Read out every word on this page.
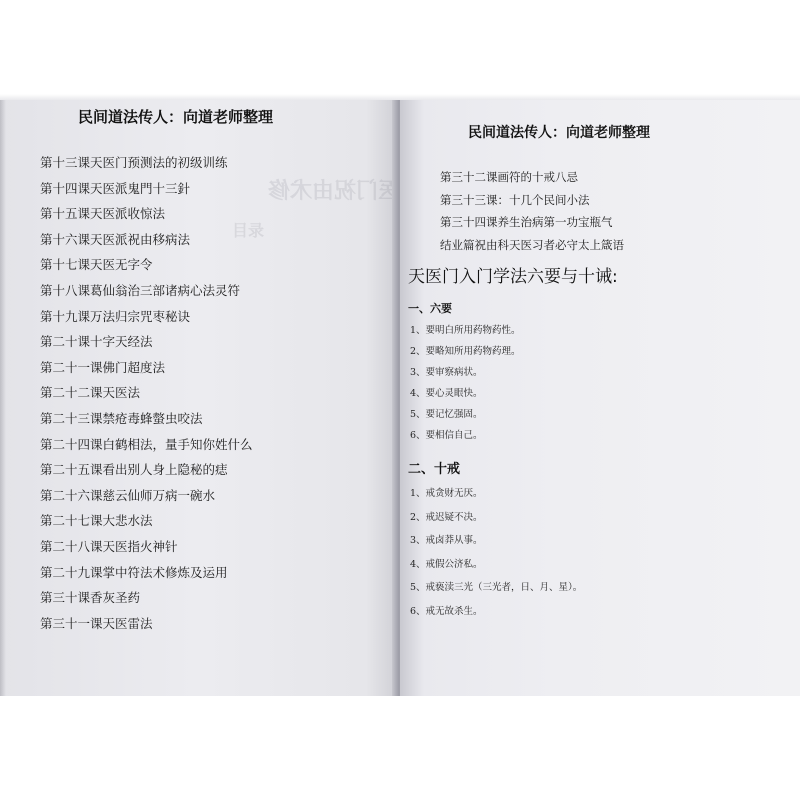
天医门祝由术修
目录
民间道法传人：向道老师整理
第十三课天医门预测法的初级训练
第十四课天医派鬼門十三針
第十五课天医派收惊法
第十六课天医派祝由移病法
第十七课天医无字令
第十八课葛仙翁治三部诸病心法灵符
第十九课万法归宗咒枣秘诀
第二十课十字天经法
第二十一课佛门超度法
第二十二课天医法
第二十三课禁疮毒蜂螫虫咬法
第二十四课白鹤相法，量手知你姓什么
第二十五课看出别人身上隐秘的痣
第二十六课慈云仙师万病一碗水
第二十七课大悲水法
第二十八课天医指火神针
第二十九课掌中符法术修炼及运用
第三十课香灰圣药
第三十一课天医雷法
民间道法传人：向道老师整理
第三十二课画符的十戒八忌
第三十三课：十几个民间小法
第三十四课养生治病第一功宝瓶气
结业篇祝由科天医习者必守太上箴语
天医门入门学法六要与十诫:
一、六要
1、要明白所用药物药性。
2、要略知所用药物药理。
3、要审察病状。
4、要心灵眼快。
5、要记忆强固。
6、要相信自己。
二、十戒
1、戒贪财无厌。
2、戒迟疑不决。
3、戒卤莽从事。
4、戒假公济私。
5、戒亵渎三光（三光者，日、月、星）。
6、戒无故杀生。
